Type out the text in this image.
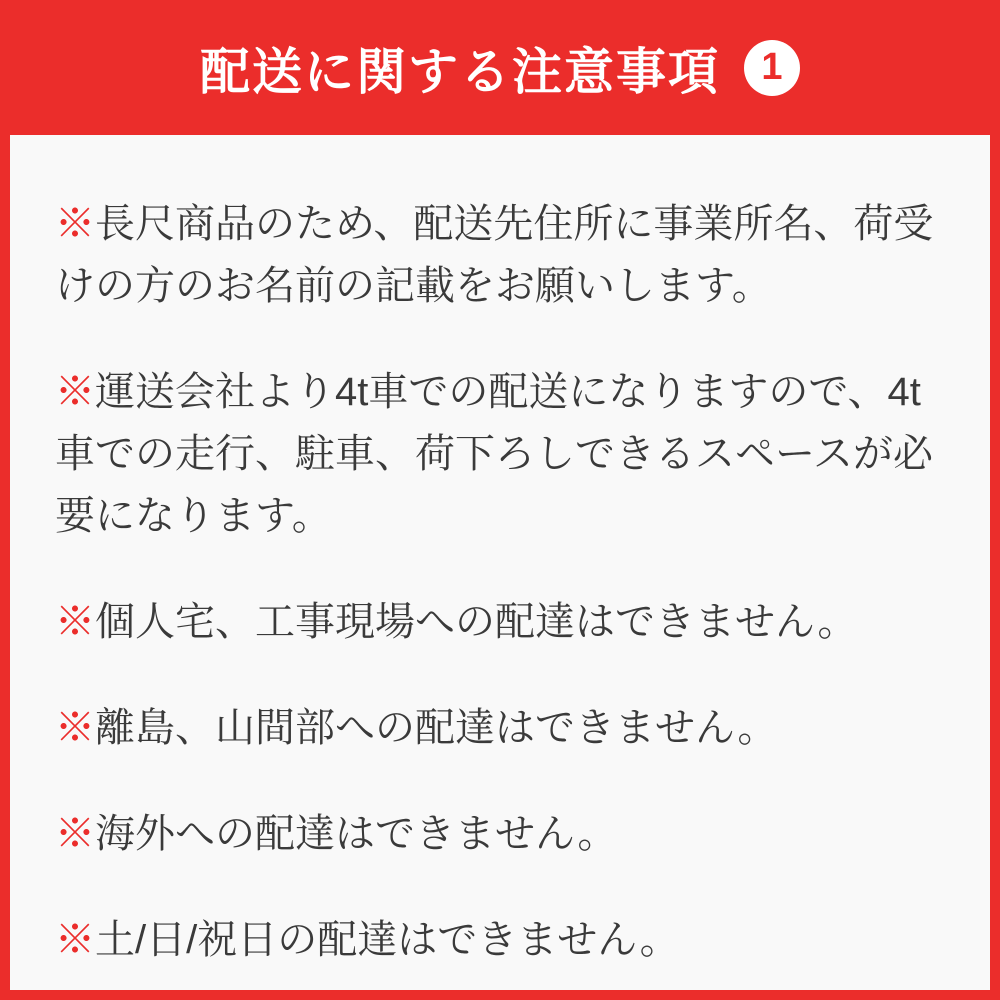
配送に関する注意事項	1

※長尺商品のため、配送先住所に事業所名、荷受
けの方のお名前の記載をお願いします。

※運送会社より4t車での配送になりますので、4t
車での走行、駐車、荷下ろしできるスペースが必
要になります。

※個人宅、工事現場への配達はできません。

※離島、山間部への配達はできません。

※海外への配達はできません。

※土/日/祝日の配達はできません。
